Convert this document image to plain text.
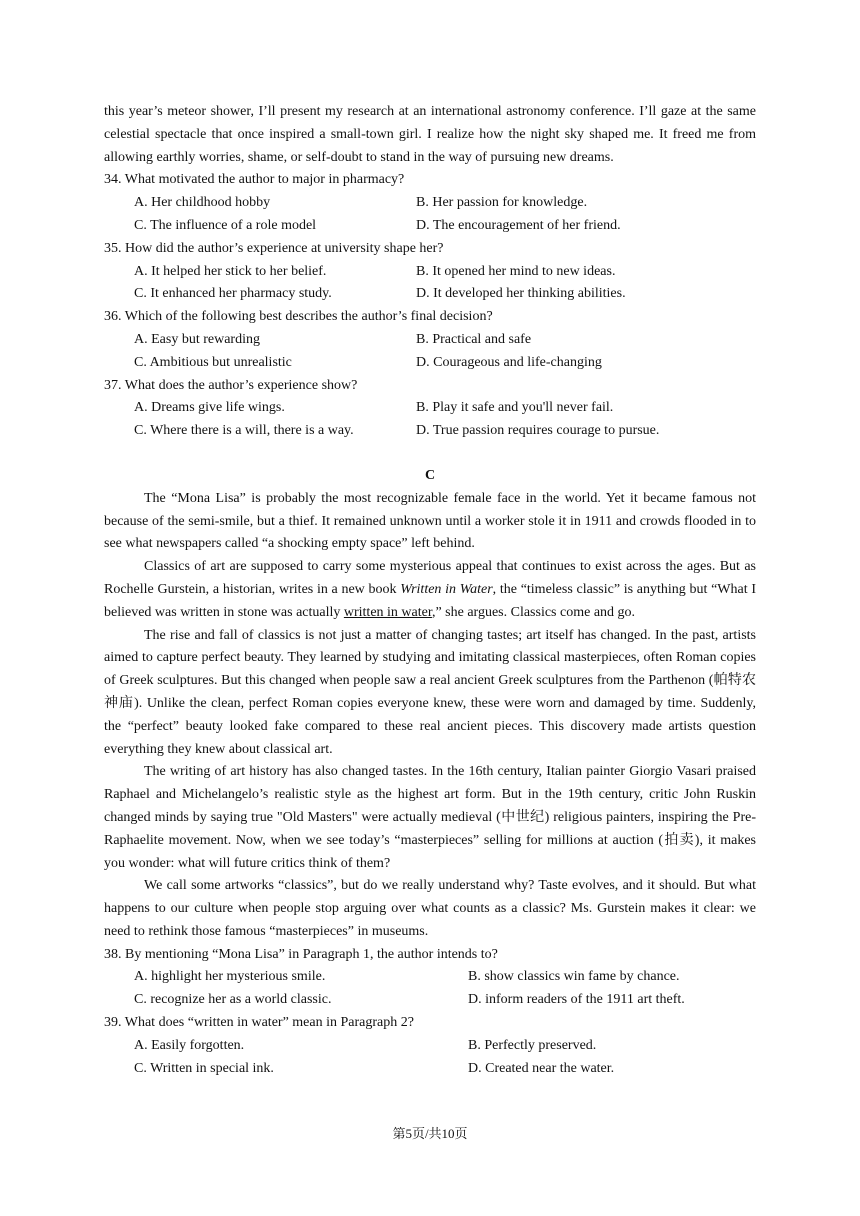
this year’s meteor shower, I’ll present my research at an international astronomy conference. I’ll gaze at the same celestial spectacle that once inspired a small-town girl. I realize how the night sky shaped me. It freed me from allowing earthly worries, shame, or self-doubt to stand in the way of pursuing new dreams.

34. What motivated the author to major in pharmacy?
A. Her childhood hobby	B. Her passion for knowledge.
C. The influence of a role model	D. The encouragement of her friend.
35. How did the author’s experience at university shape her?
A. It helped her stick to her belief.	B. It opened her mind to new ideas.
C. It enhanced her pharmacy study.	D. It developed her thinking abilities.
36. Which of the following best describes the author’s final decision?
A. Easy but rewarding	B. Practical and safe
C. Ambitious but unrealistic	D. Courageous and life-changing
37. What does the author’s experience show?
A. Dreams give life wings.	B. Play it safe and you'll never fail.
C. Where there is a will, there is a way.	D. True passion requires courage to pursue.
C

The “Mona Lisa” is probably the most recognizable female face in the world. Yet it became famous not because of the semi-smile, but a thief. It remained unknown until a worker stole it in 1911 and crowds flooded in to see what newspapers called “a shocking empty space” left behind.

Classics of art are supposed to carry some mysterious appeal that continues to exist across the ages. But as Rochelle Gurstein, a historian, writes in a new book Written in Water, the “timeless classic” is anything but “What I believed was written in stone was actually written in water,” she argues. Classics come and go.

The rise and fall of classics is not just a matter of changing tastes; art itself has changed. In the past, artists aimed to capture perfect beauty. They learned by studying and imitating classical masterpieces, often Roman copies of Greek sculptures. But this changed when people saw a real ancient Greek sculptures from the Parthenon (帕特农神庙). Unlike the clean, perfect Roman copies everyone knew, these were worn and damaged by time. Suddenly, the “perfect” beauty looked fake compared to these real ancient pieces. This discovery made artists question everything they knew about classical art.

The writing of art history has also changed tastes. In the 16th century, Italian painter Giorgio Vasari praised Raphael and Michelangelo’s realistic style as the highest art form. But in the 19th century, critic John Ruskin changed minds by saying true "Old Masters" were actually medieval (中世纪) religious painters, inspiring the Pre-Raphaelite movement. Now, when we see today’s “masterpieces” selling for millions at auction (拍卖), it makes you wonder: what will future critics think of them?

We call some artworks “classics”, but do we really understand why? Taste evolves, and it should. But what happens to our culture when people stop arguing over what counts as a classic? Ms. Gurstein makes it clear: we need to rethink those famous “masterpieces” in museums.

38. By mentioning “Mona Lisa” in Paragraph 1, the author intends to?
A. highlight her mysterious smile.	B. show classics win fame by chance.
C. recognize her as a world classic.	D. inform readers of the 1911 art theft.
39. What does “written in water” mean in Paragraph 2?
A. Easily forgotten.	B. Perfectly preserved.
C. Written in special ink.	D. Created near the water.
第5页/共10页
